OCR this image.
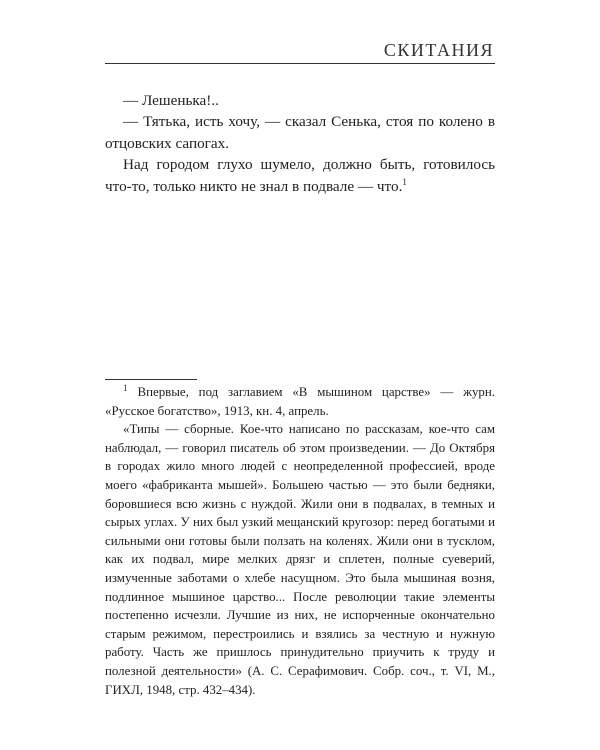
СКИТАНИЯ

— Лешенька!..

— Тятька, исть хочу, — сказал Сенька, стоя по колено в отцовских сапогах.

Над городом глухо шумело, должно быть, готовилось что-то, только никто не знал в подвале — что.$^1$

$^1$ Впервые, под заглавием «В мышином царстве» — журн. «Русское богатство», 1913, кн. 4, апрель.

«Типы — сборные. Кое-что написано по рассказам, кое-что сам наблюдал, — говорил писатель об этом произведении. — До Октября в городах жило много людей с неопределенной профессией, вроде моего «фабриканта мышей». Большею частью — это были бедняки, боровшиеся всю жизнь с нуждой. Жили они в подвалах, в темных и сырых углах. У них был узкий мещанский кругозор: перед богатыми и сильными они готовы были ползать на коленях. Жили они в тусклом, как их подвал, мире мелких дрязг и сплетен, полные суеверий, измученные заботами о хлебе насущном. Это была мышиная возня, подлинное мышиное царство... После революции такие элементы постепенно исчезли. Лучшие из них, не испорченные окончательно старым режимом, перестроились и взялись за честную и нужную работу. Часть же пришлось принудительно приучить к труду и полезной деятельности» (А. С. Серафимович. Собр. соч., т. VI, М., ГИХЛ, 1948, стр. 432–434).
